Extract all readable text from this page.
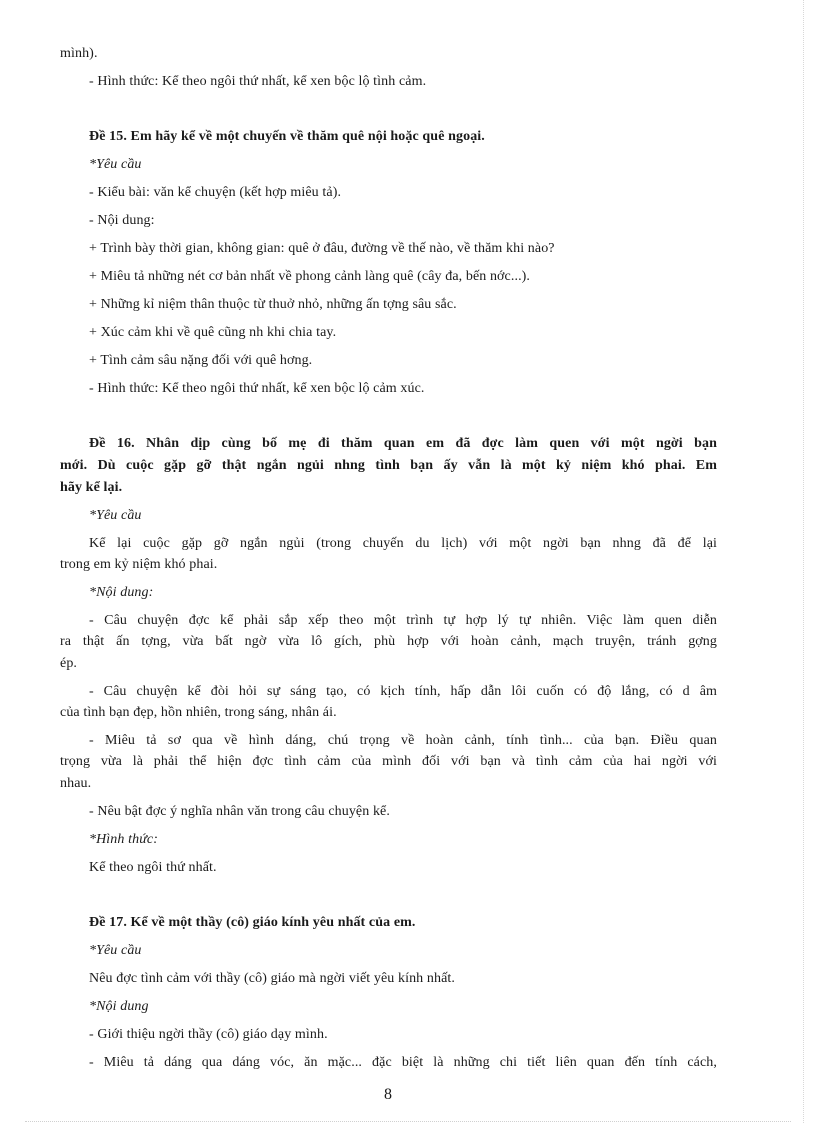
mình).
- Hình thức: Kể theo ngôi thứ nhất, kể xen bộc lộ tình cảm.
Đề 15. Em hãy kể về một chuyến về thăm quê nội hoặc quê ngoại.
*Yêu cầu
- Kiểu bài: văn kể chuyện (kết hợp miêu tả).
- Nội dung:
+ Trình bày thời gian, không gian: quê ở đâu, đường về thế nào, về thăm khi nào?
+ Miêu tả những nét cơ bản nhất về phong cảnh làng quê (cây đa, bến nớc...).
+ Những kỉ niệm thân thuộc từ thuở nhỏ, những ấn tợng sâu sắc.
+ Xúc cảm khi về quê cũng nh khi chia tay.
+ Tình cảm sâu nặng đối với quê hơng.
- Hình thức: Kể theo ngôi thứ nhất, kể xen bộc lộ cảm xúc.
Đề 16. Nhân dịp cùng bố mẹ đi thăm quan em đã đợc làm quen với một ngời bạn
mới. Dù cuộc gặp gỡ thật ngắn ngủi nhng tình bạn ấy vẫn là một kỷ niệm khó phai. Em
hãy kể lại.
*Yêu cầu
Kể lại cuộc gặp gỡ ngắn ngủi (trong chuyến du lịch) với một ngời bạn nhng đã để lại
trong em kỷ niệm khó phai.
*Nội dung:
- Câu chuyện đợc kể phải sắp xếp theo một trình tự hợp lý tự nhiên. Việc làm quen diễn
ra thật ấn tợng, vừa bất ngờ vừa lô gích, phù hợp với hoàn cảnh, mạch truyện, tránh gợng
ép.
- Câu chuyện kể đòi hỏi sự sáng tạo, có kịch tính, hấp dẫn lôi cuốn có độ lắng, có d âm
của tình bạn đẹp, hồn nhiên, trong sáng, nhân ái.
- Miêu tả sơ qua về hình dáng, chú trọng về hoàn cảnh, tính tình... của bạn. Điều quan
trọng vừa là phải thể hiện đợc tình cảm của mình đối với bạn và tình cảm của hai ngời với
nhau.
- Nêu bật đợc ý nghĩa nhân văn trong câu chuyện kể.
*Hình thức:
Kể theo ngôi thứ nhất.
Đề 17. Kể về một thầy (cô) giáo kính yêu nhất của em.
*Yêu cầu
Nêu đợc tình cảm với thầy (cô) giáo mà ngời viết yêu kính nhất.
*Nội dung
- Giới thiệu ngời thầy (cô) giáo dạy mình.
- Miêu tả dáng qua dáng vóc, ăn mặc... đặc biệt là những chi tiết liên quan đến tính cách,
8
